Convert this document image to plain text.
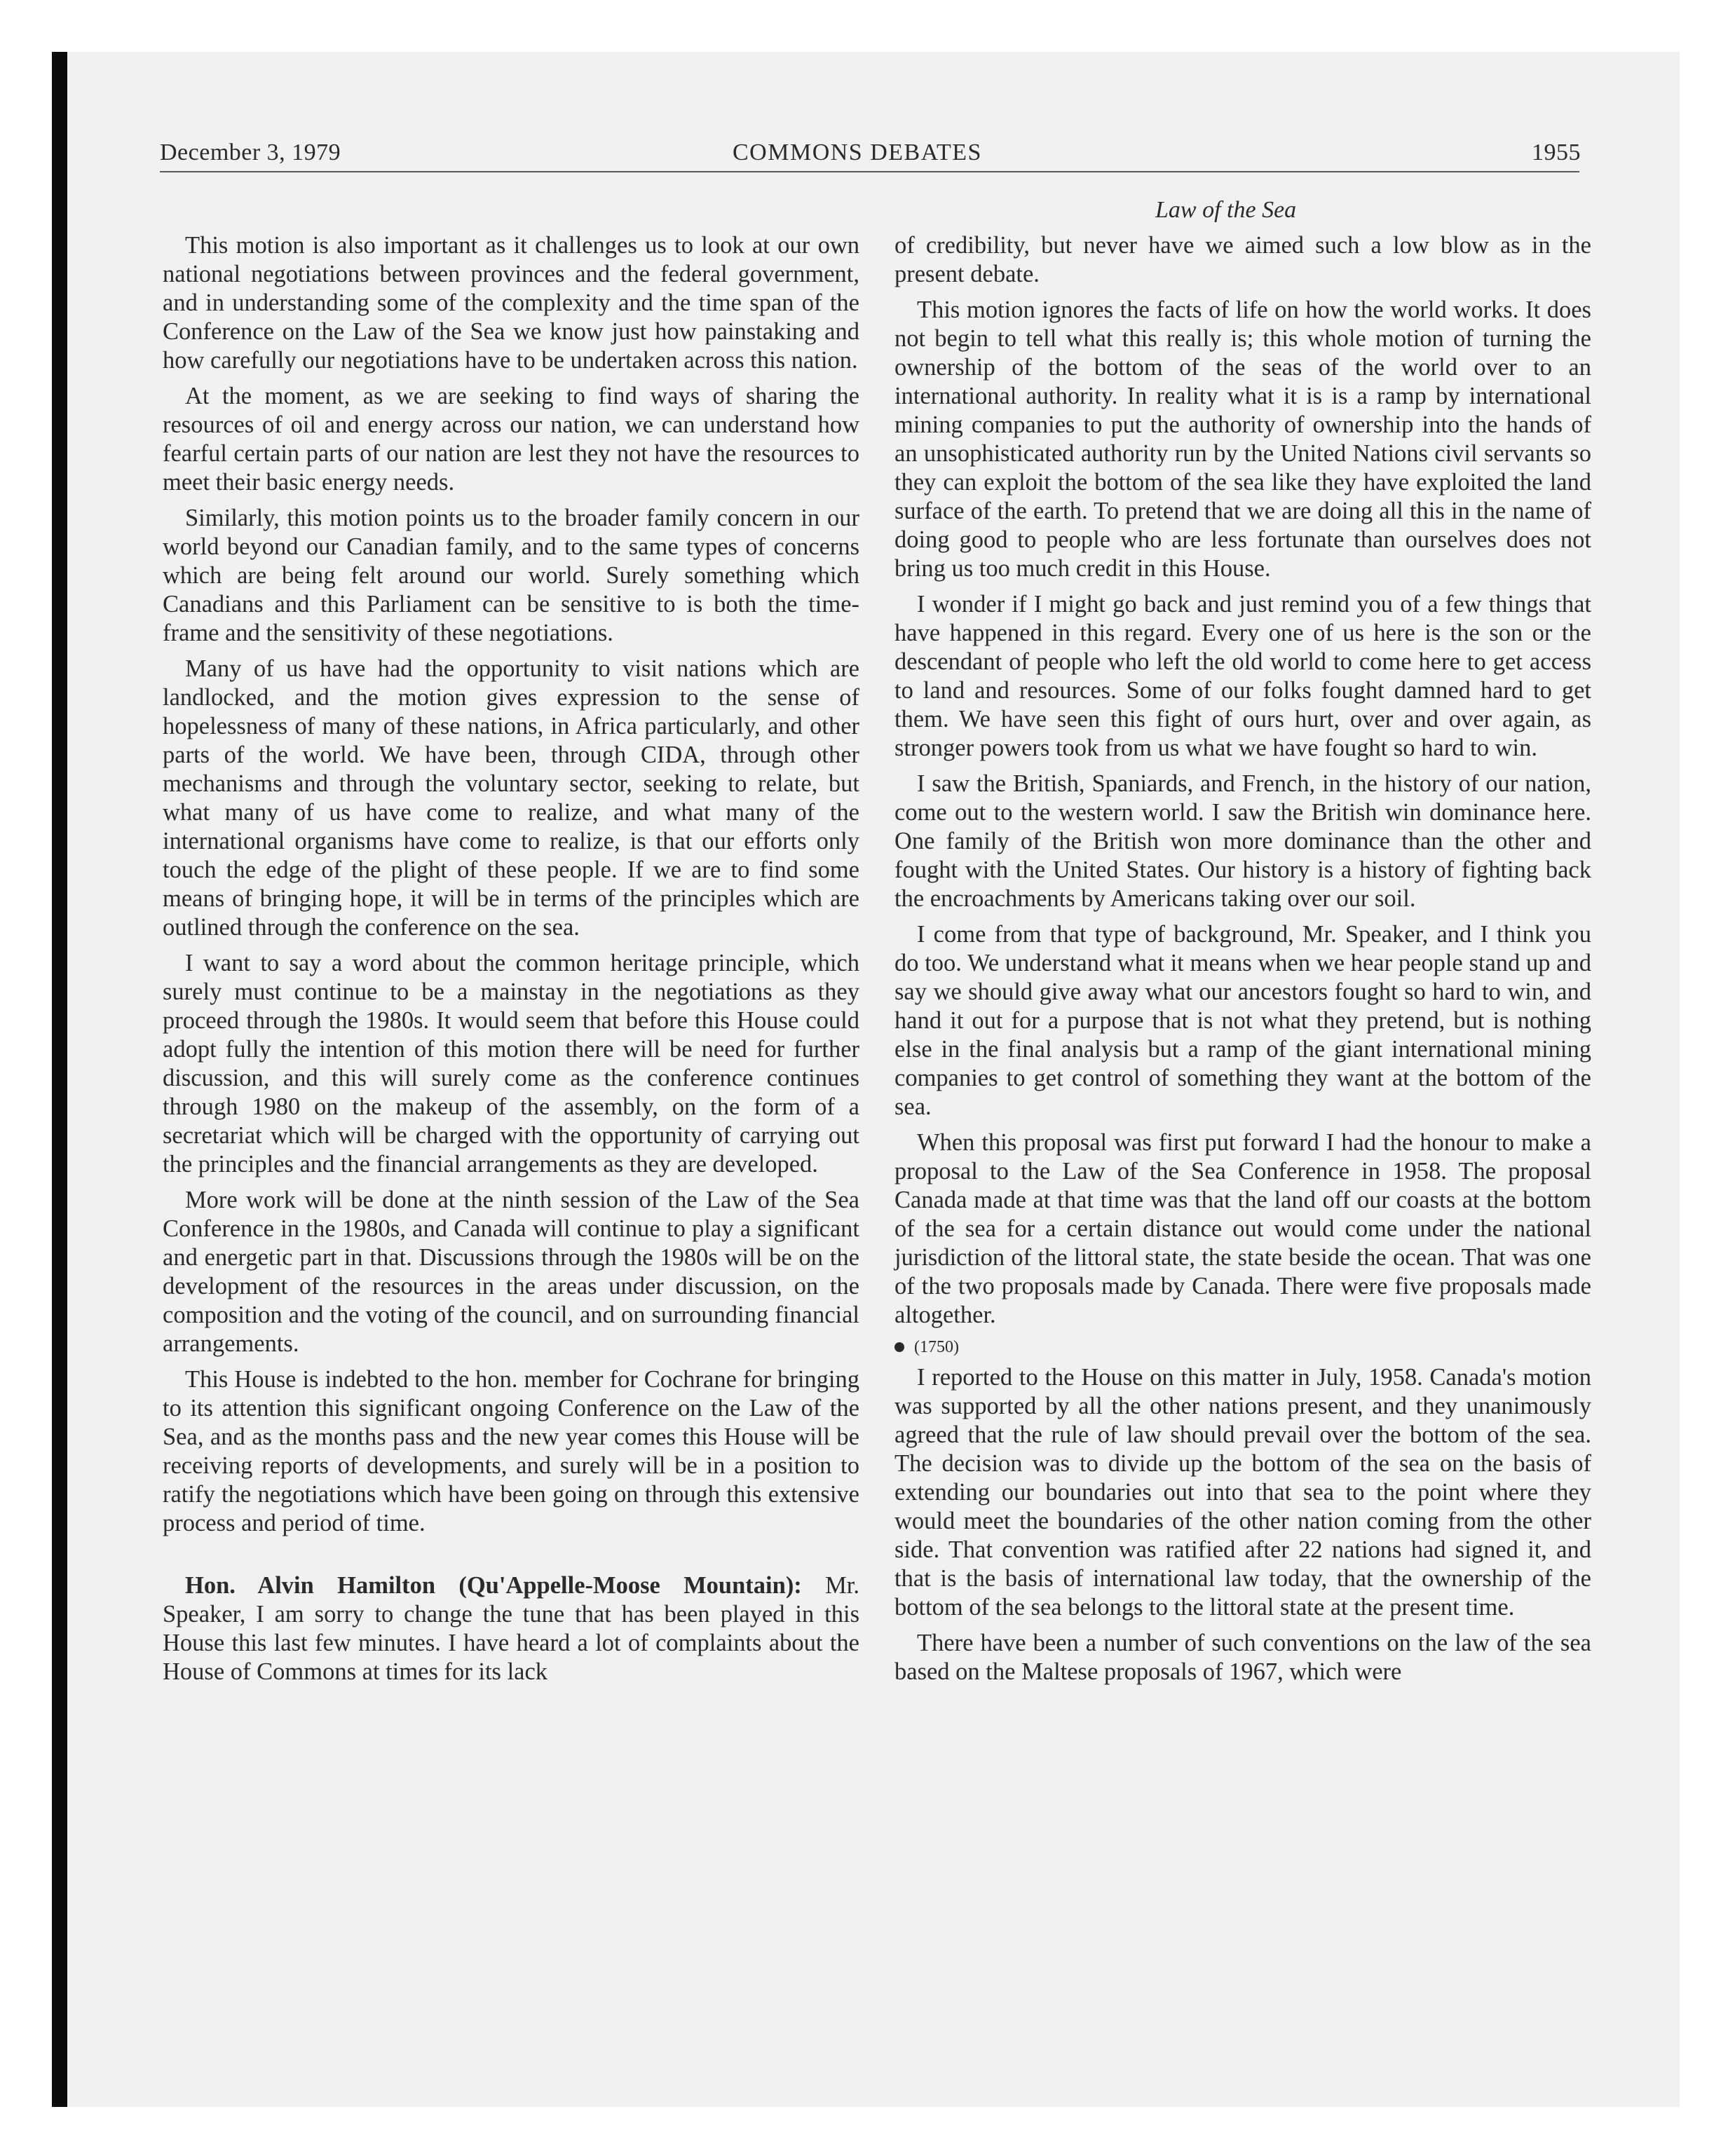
December 3, 1979	COMMONS DEBATES	1955
Law of the Sea

This motion is also important as it challenges us to look at our own national negotiations between provinces and the federal government, and in understanding some of the complexity and the time span of the Conference on the Law of the Sea we know just how painstaking and how carefully our negotiations have to be undertaken across this nation.

At the moment, as we are seeking to find ways of sharing the resources of oil and energy across our nation, we can understand how fearful certain parts of our nation are lest they not have the resources to meet their basic energy needs.

Similarly, this motion points us to the broader family concern in our world beyond our Canadian family, and to the same types of concerns which are being felt around our world. Surely something which Canadians and this Parliament can be sensitive to is both the time-frame and the sensitivity of these negotiations.

Many of us have had the opportunity to visit nations which are landlocked, and the motion gives expression to the sense of hopelessness of many of these nations, in Africa particularly, and other parts of the world. We have been, through CIDA, through other mechanisms and through the voluntary sector, seeking to relate, but what many of us have come to realize, and what many of the international organisms have come to realize, is that our efforts only touch the edge of the plight of these people. If we are to find some means of bringing hope, it will be in terms of the principles which are outlined through the conference on the sea.

I want to say a word about the common heritage principle, which surely must continue to be a mainstay in the negotiations as they proceed through the 1980s. It would seem that before this House could adopt fully the intention of this motion there will be need for further discussion, and this will surely come as the conference continues through 1980 on the makeup of the assembly, on the form of a secretariat which will be charged with the opportunity of carrying out the principles and the financial arrangements as they are developed.

More work will be done at the ninth session of the Law of the Sea Conference in the 1980s, and Canada will continue to play a significant and energetic part in that. Discussions through the 1980s will be on the development of the resources in the areas under discussion, on the composition and the voting of the council, and on surrounding financial arrangements.

This House is indebted to the hon. member for Cochrane for bringing to its attention this significant ongoing Conference on the Law of the Sea, and as the months pass and the new year comes this House will be receiving reports of developments, and surely will be in a position to ratify the negotiations which have been going on through this extensive process and period of time.

Hon. Alvin Hamilton (Qu'Appelle-Moose Mountain): Mr. Speaker, I am sorry to change the tune that has been played in this House this last few minutes. I have heard a lot of complaints about the House of Commons at times for its lack

of credibility, but never have we aimed such a low blow as in the present debate.

This motion ignores the facts of life on how the world works. It does not begin to tell what this really is; this whole motion of turning the ownership of the bottom of the seas of the world over to an international authority. In reality what it is is a ramp by international mining companies to put the authority of ownership into the hands of an unsophisticated authority run by the United Nations civil servants so they can exploit the bottom of the sea like they have exploited the land surface of the earth. To pretend that we are doing all this in the name of doing good to people who are less fortunate than ourselves does not bring us too much credit in this House.

I wonder if I might go back and just remind you of a few things that have happened in this regard. Every one of us here is the son or the descendant of people who left the old world to come here to get access to land and resources. Some of our folks fought damned hard to get them. We have seen this fight of ours hurt, over and over again, as stronger powers took from us what we have fought so hard to win.

I saw the British, Spaniards, and French, in the history of our nation, come out to the western world. I saw the British win dominance here. One family of the British won more dominance than the other and fought with the United States. Our history is a history of fighting back the encroachments by Americans taking over our soil.

I come from that type of background, Mr. Speaker, and I think you do too. We understand what it means when we hear people stand up and say we should give away what our ancestors fought so hard to win, and hand it out for a purpose that is not what they pretend, but is nothing else in the final analysis but a ramp of the giant international mining companies to get control of something they want at the bottom of the sea.

When this proposal was first put forward I had the honour to make a proposal to the Law of the Sea Conference in 1958. The proposal Canada made at that time was that the land off our coasts at the bottom of the sea for a certain distance out would come under the national jurisdiction of the littoral state, the state beside the ocean. That was one of the two proposals made by Canada. There were five proposals made altogether.

(1750)

I reported to the House on this matter in July, 1958. Canada's motion was supported by all the other nations present, and they unanimously agreed that the rule of law should prevail over the bottom of the sea. The decision was to divide up the bottom of the sea on the basis of extending our boundaries out into that sea to the point where they would meet the boundaries of the other nation coming from the other side. That convention was ratified after 22 nations had signed it, and that is the basis of international law today, that the ownership of the bottom of the sea belongs to the littoral state at the present time.

There have been a number of such conventions on the law of the sea based on the Maltese proposals of 1967, which were
